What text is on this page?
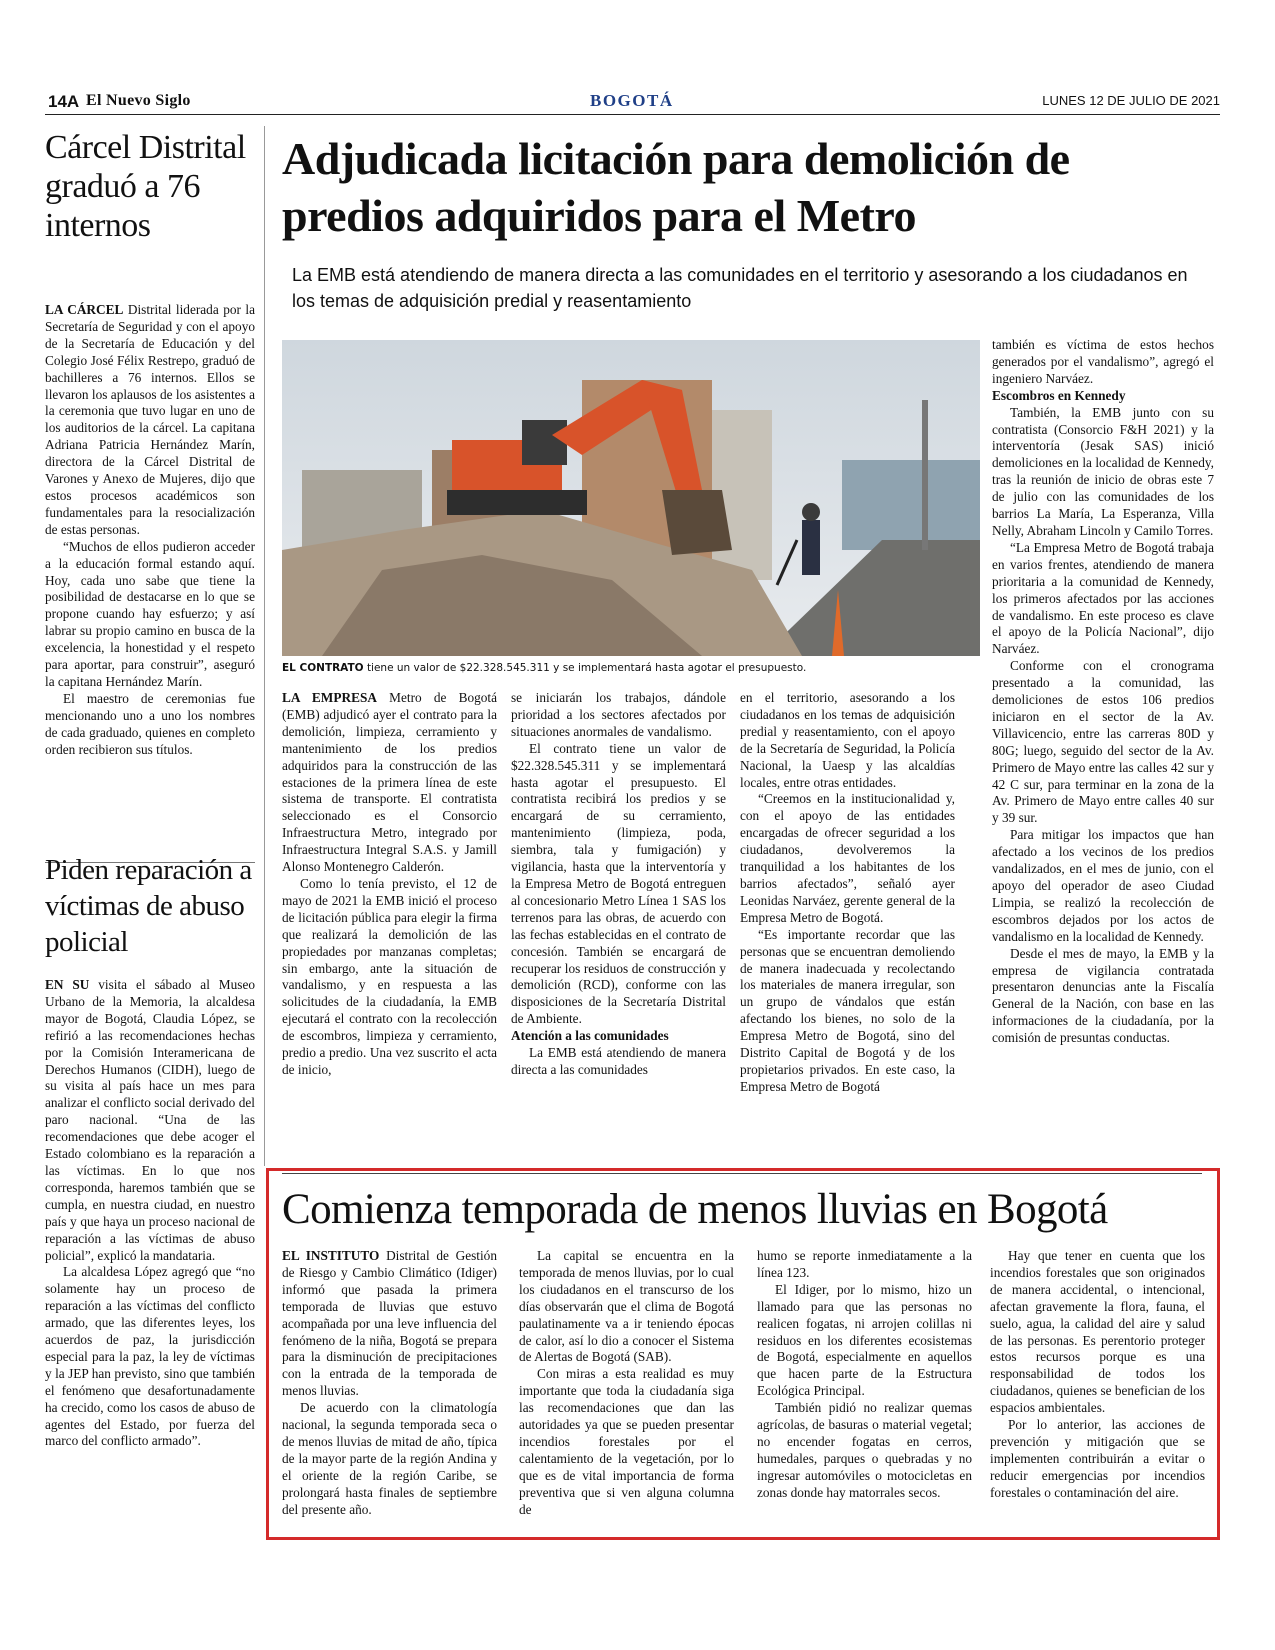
14A El Nuevo Siglo	BOGOTÁ	LUNES 12 DE JULIO DE 2021
Cárcel Distrital graduó a 76 internos

LA CÁRCEL Distrital liderada por la Secretaría de Seguridad y con el apoyo de la Secretaría de Educación y del Colegio José Félix Restrepo, graduó de bachilleres a 76 internos. Ellos se llevaron los aplausos de los asistentes a la ceremonia que tuvo lugar en uno de los auditorios de la cárcel. La capitana Adriana Patricia Hernández Marín, directora de la Cárcel Distrital de Varones y Anexo de Mujeres, dijo que estos procesos académicos son fundamentales para la resocialización de estas personas.

“Muchos de ellos pudieron acceder a la educación formal estando aquí. Hoy, cada uno sabe que tiene la posibilidad de destacarse en lo que se propone cuando hay esfuerzo; y así labrar su propio camino en busca de la excelencia, la honestidad y el respeto para aportar, para construir”, aseguró la capitana Hernández Marín.

El maestro de ceremonias fue mencionando uno a uno los nombres de cada graduado, quienes en completo orden recibieron sus títulos.

Piden reparación a víctimas de abuso policial

EN SU visita el sábado al Museo Urbano de la Memoria, la alcaldesa mayor de Bogotá, Claudia López, se refirió a las recomendaciones hechas por la Comisión Interamericana de Derechos Humanos (CIDH), luego de su visita al país hace un mes para analizar el conflicto social derivado del paro nacional. “Una de las recomendaciones que debe acoger el Estado colombiano es la reparación a las víctimas. En lo que nos corresponda, haremos también que se cumpla, en nuestra ciudad, en nuestro país y que haya un proceso nacional de reparación a las víctimas de abuso policial”, explicó la mandataria.

La alcaldesa López agregó que “no solamente hay un proceso de reparación a las víctimas del conflicto armado, que las diferentes leyes, los acuerdos de paz, la jurisdicción especial para la paz, la ley de víctimas y la JEP han previsto, sino que también el fenómeno que desafortunadamente ha crecido, como los casos de abuso de agentes del Estado, por fuerza del marco del conflicto armado”.

Adjudicada licitación para demolición de predios adquiridos para el Metro
La EMB está atendiendo de manera directa a las comunidades en el territorio y asesorando a los ciudadanos en los temas de adquisición predial y reasentamiento
EL CONTRATO tiene un valor de $22.328.545.311 y se implementará hasta agotar el presupuesto.

LA EMPRESA Metro de Bogotá (EMB) adjudicó ayer el contrato para la demolición, limpieza, cerramiento y mantenimiento de los predios adquiridos para la construcción de las estaciones de la primera línea de este sistema de transporte. El contratista seleccionado es el Consorcio Infraestructura Metro, integrado por Infraestructura Integral S.A.S. y Jamill Alonso Montenegro Calderón.

Como lo tenía previsto, el 12 de mayo de 2021 la EMB inició el proceso de licitación pública para elegir la firma que realizará la demolición de las propiedades por manzanas completas; sin embargo, ante la situación de vandalismo, y en respuesta a las solicitudes de la ciudadanía, la EMB ejecutará el contrato con la recolección de escombros, limpieza y cerramiento, predio a predio. Una vez suscrito el acta de inicio,

se iniciarán los trabajos, dándole prioridad a los sectores afectados por situaciones anormales de vandalismo.

El contrato tiene un valor de $22.328.545.311 y se implementará hasta agotar el presupuesto. El contratista recibirá los predios y se encargará de su cerramiento, mantenimiento (limpieza, poda, siembra, tala y fumigación) y vigilancia, hasta que la interventoría y la Empresa Metro de Bogotá entreguen al concesionario Metro Línea 1 SAS los terrenos para las obras, de acuerdo con las fechas establecidas en el contrato de concesión. También se encargará de recuperar los residuos de construcción y demolición (RCD), conforme con las disposiciones de la Secretaría Distrital de Ambiente.

Atención a las comunidades

La EMB está atendiendo de manera directa a las comunidades

en el territorio, asesorando a los ciudadanos en los temas de adquisición predial y reasentamiento, con el apoyo de la Secretaría de Seguridad, la Policía Nacional, la Uaesp y las alcaldías locales, entre otras entidades.

“Creemos en la institucionalidad y, con el apoyo de las entidades encargadas de ofrecer seguridad a los ciudadanos, devolveremos la tranquilidad a los habitantes de los barrios afectados”, señaló ayer Leonidas Narváez, gerente general de la Empresa Metro de Bogotá.

“Es importante recordar que las personas que se encuentran demoliendo de manera inadecuada y recolectando los materiales de manera irregular, son un grupo de vándalos que están afectando los bienes, no solo de la Empresa Metro de Bogotá, sino del Distrito Capital de Bogotá y de los propietarios privados. En este caso, la Empresa Metro de Bogotá

también es víctima de estos hechos generados por el vandalismo”, agregó el ingeniero Narváez.

Escombros en Kennedy

También, la EMB junto con su contratista (Consorcio F&H 2021) y la interventoría (Jesak SAS) inició demoliciones en la localidad de Kennedy, tras la reunión de inicio de obras este 7 de julio con las comunidades de los barrios La María, La Esperanza, Villa Nelly, Abraham Lincoln y Camilo Torres.

“La Empresa Metro de Bogotá trabaja en varios frentes, atendiendo de manera prioritaria a la comunidad de Kennedy, los primeros afectados por las acciones de vandalismo. En este proceso es clave el apoyo de la Policía Nacional”, dijo Narváez.

Conforme con el cronograma presentado a la comunidad, las demoliciones de estos 106 predios iniciaron en el sector de la Av. Villavicencio, entre las carreras 80D y 80G; luego, seguido del sector de la Av. Primero de Mayo entre las calles 42 sur y 42 C sur, para terminar en la zona de la Av. Primero de Mayo entre calles 40 sur y 39 sur.

Para mitigar los impactos que han afectado a los vecinos de los predios vandalizados, en el mes de junio, con el apoyo del operador de aseo Ciudad Limpia, se realizó la recolección de escombros dejados por los actos de vandalismo en la localidad de Kennedy.

Desde el mes de mayo, la EMB y la empresa de vigilancia contratada presentaron denuncias ante la Fiscalía General de la Nación, con base en las informaciones de la ciudadanía, por la comisión de presuntas conductas.

Comienza temporada de menos lluvias en Bogotá

EL INSTITUTO Distrital de Gestión de Riesgo y Cambio Climático (Idiger) informó que pasada la primera temporada de lluvias que estuvo acompañada por una leve influencia del fenómeno de la niña, Bogotá se prepara para la disminución de precipitaciones con la entrada de la temporada de menos lluvias.

De acuerdo con la climatología nacional, la segunda temporada seca o de menos lluvias de mitad de año, típica de la mayor parte de la región Andina y el oriente de la región Caribe, se prolongará hasta finales de septiembre del presente año.

La capital se encuentra en la temporada de menos lluvias, por lo cual los ciudadanos en el transcurso de los días observarán que el clima de Bogotá paulatinamente va a ir teniendo épocas de calor, así lo dio a conocer el Sistema de Alertas de Bogotá (SAB).

Con miras a esta realidad es muy importante que toda la ciudadanía siga las recomendaciones que dan las autoridades ya que se pueden presentar incendios forestales por el calentamiento de la vegetación, por lo que es de vital importancia de forma preventiva que si ven alguna columna de

humo se reporte inmediatamente a la línea 123.

El Idiger, por lo mismo, hizo un llamado para que las personas no realicen fogatas, ni arrojen colillas ni residuos en los diferentes ecosistemas de Bogotá, especialmente en aquellos que hacen parte de la Estructura Ecológica Principal.

También pidió no realizar quemas agrícolas, de basuras o material vegetal; no encender fogatas en cerros, humedales, parques o quebradas y no ingresar automóviles o motocicletas en zonas donde hay matorrales secos.

Hay que tener en cuenta que los incendios forestales que son originados de manera accidental, o intencional, afectan gravemente la flora, fauna, el suelo, agua, la calidad del aire y salud de las personas. Es perentorio proteger estos recursos porque es una responsabilidad de todos los ciudadanos, quienes se benefician de los espacios ambientales.

Por lo anterior, las acciones de prevención y mitigación que se implementen contribuirán a evitar o reducir emergencias por incendios forestales o contaminación del aire.
